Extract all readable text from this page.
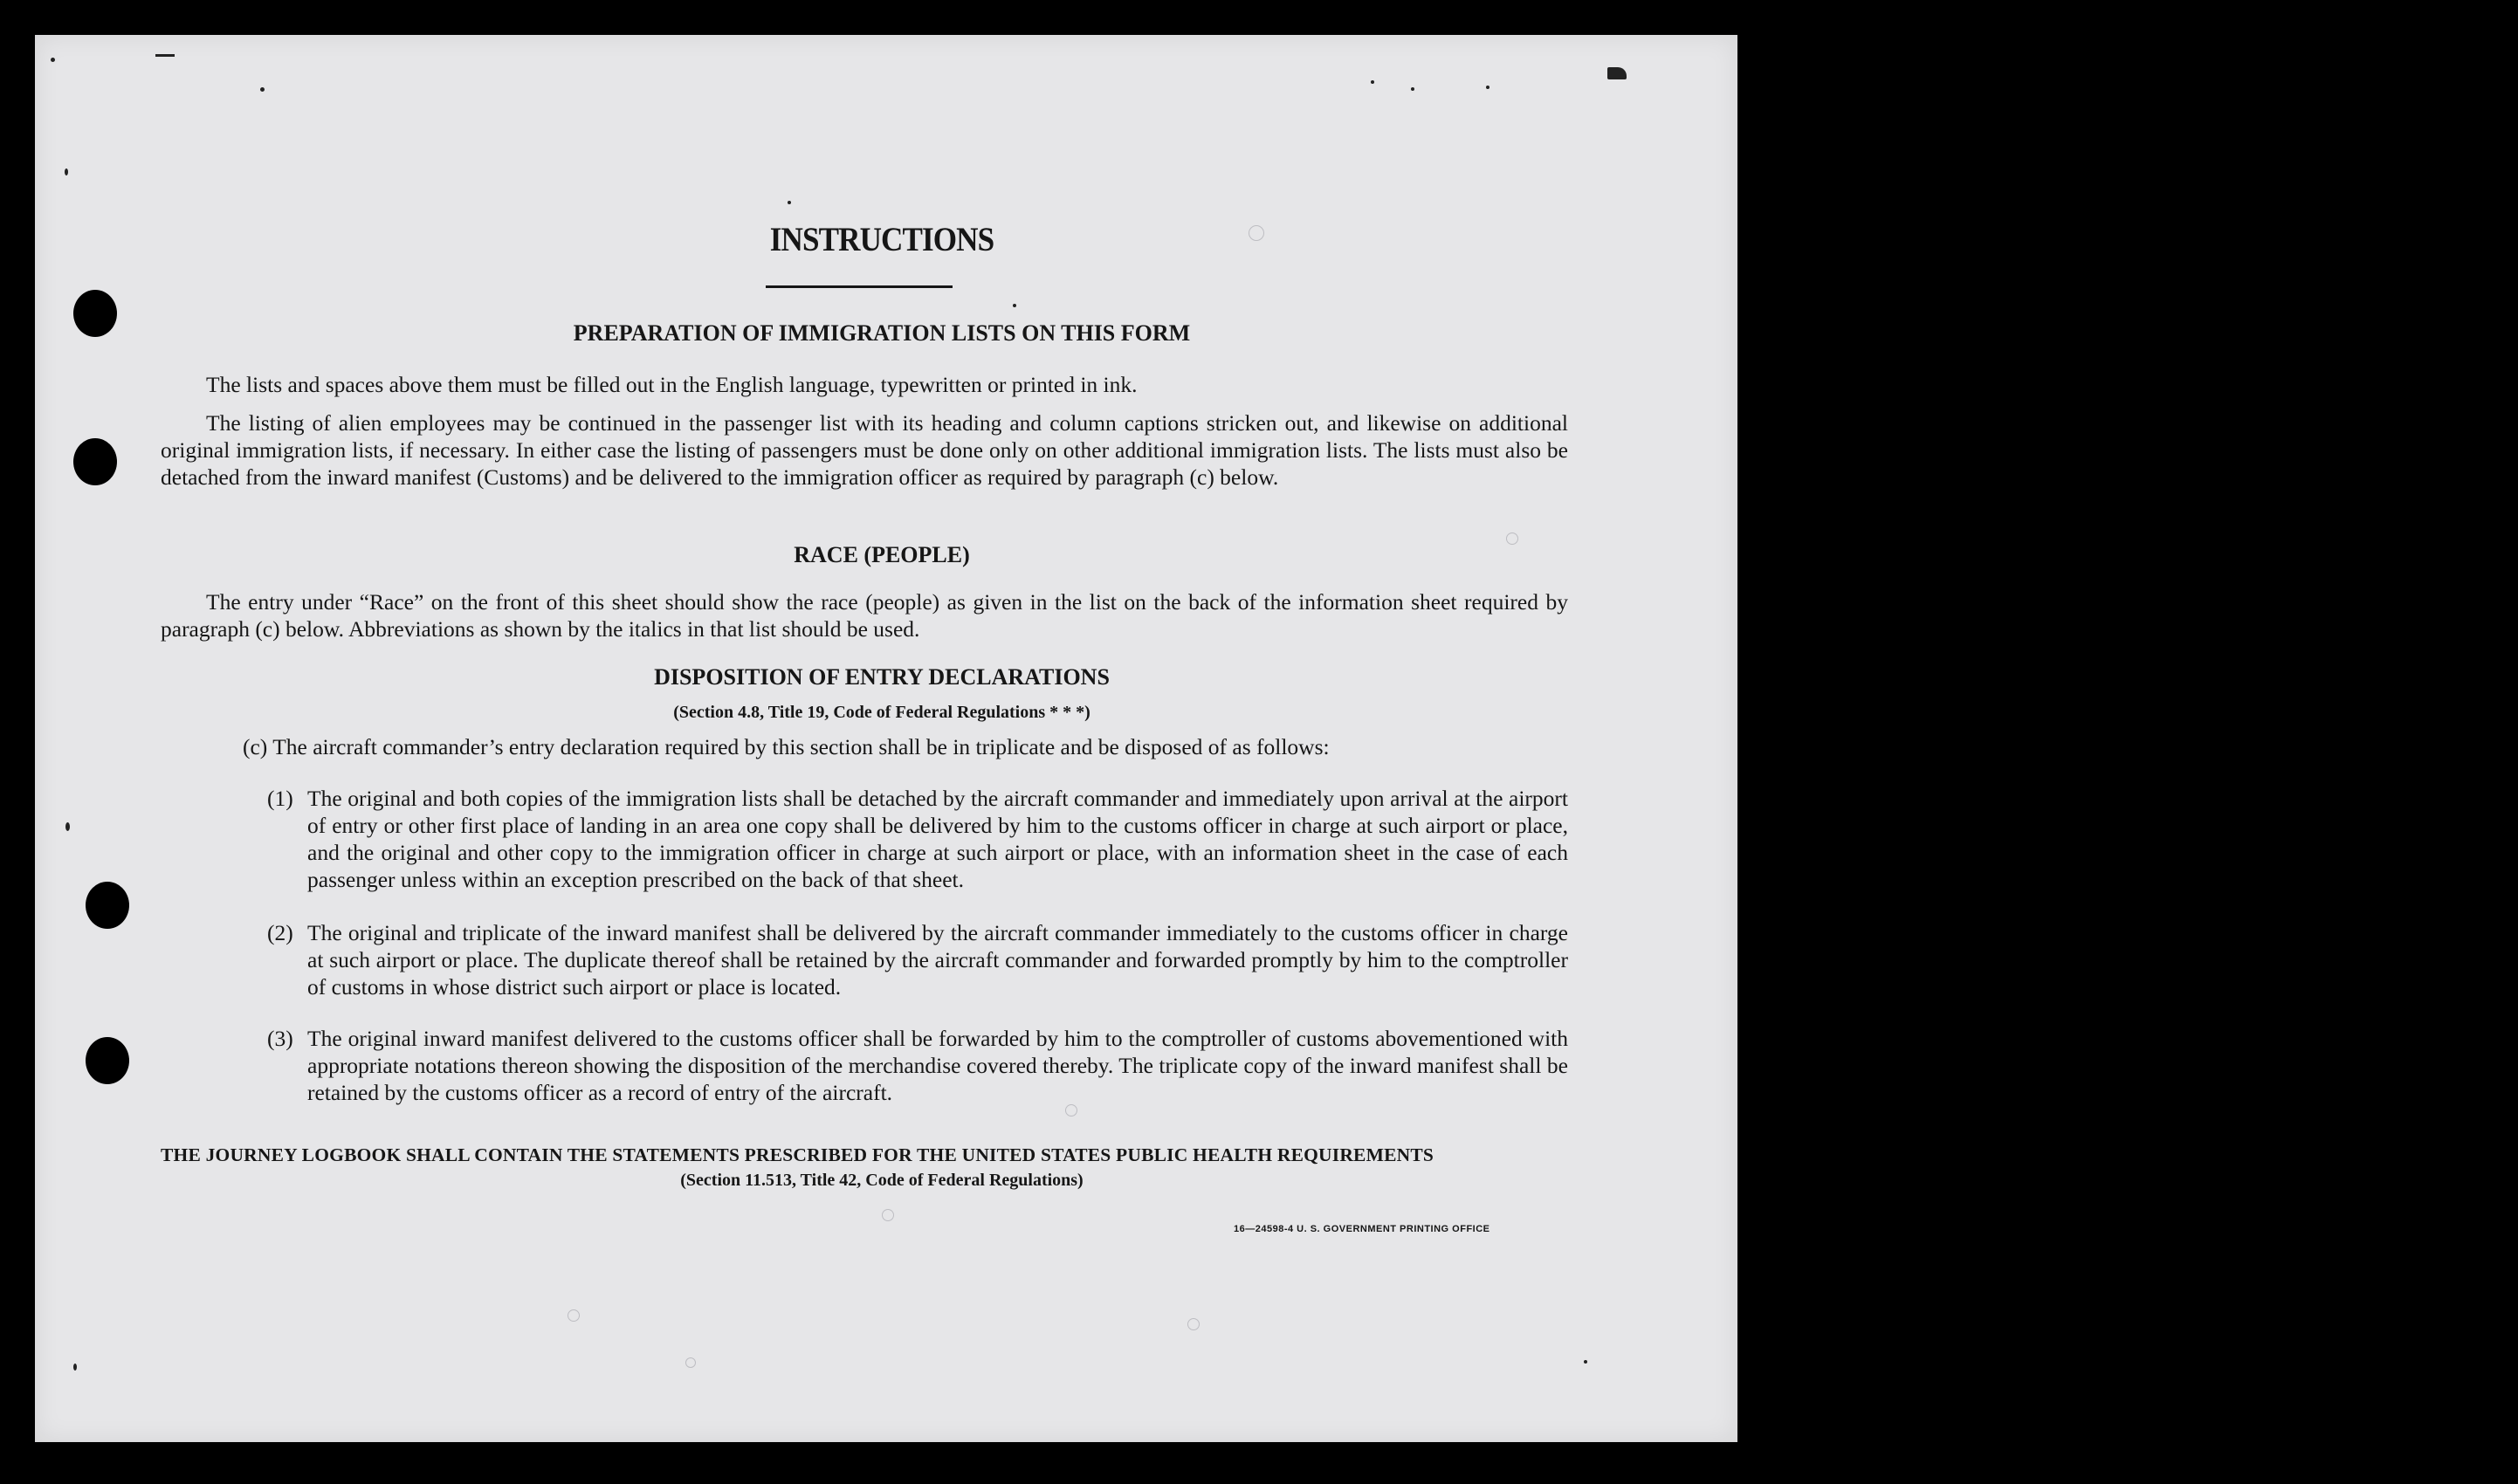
INSTRUCTIONS
PREPARATION OF IMMIGRATION LISTS ON THIS FORM

The lists and spaces above them must be filled out in the English language, typewritten or printed in ink.

The listing of alien employees may be continued in the passenger list with its heading and column captions stricken out, and likewise on additional original immigration lists, if necessary. In either case the listing of passengers must be done only on other additional immigration lists. The lists must also be detached from the inward manifest (Customs) and be delivered to the immigration officer as required by paragraph (c) below.

RACE (PEOPLE)

The entry under “Race” on the front of this sheet should show the race (people) as given in the list on the back of the information sheet required by paragraph (c) below. Abbreviations as shown by the italics in that list should be used.

DISPOSITION OF ENTRY DECLARATIONS
(Section 4.8, Title 19, Code of Federal Regulations * * *)

(c) The aircraft commander’s entry declaration required by this section shall be in triplicate and be disposed of as follows:

(1) The original and both copies of the immigration lists shall be detached by the aircraft commander and immediately upon arrival at the airport of entry or other first place of landing in an area one copy shall be delivered by him to the customs officer in charge at such airport or place, and the original and other copy to the immigration officer in charge at such airport or place, with an information sheet in the case of each passenger unless within an exception prescribed on the back of that sheet.
(2) The original and triplicate of the inward manifest shall be delivered by the aircraft commander immediately to the customs officer in charge at such airport or place. The duplicate thereof shall be retained by the aircraft commander and forwarded promptly by him to the comptroller of customs in whose district such airport or place is located.
(3) The original inward manifest delivered to the customs officer shall be forwarded by him to the comptroller of customs abovementioned with appropriate notations thereon showing the disposition of the merchandise covered thereby. The triplicate copy of the inward manifest shall be retained by the customs officer as a record of entry of the aircraft.
THE JOURNEY LOGBOOK SHALL CONTAIN THE STATEMENTS PRESCRIBED FOR THE UNITED STATES PUBLIC HEALTH REQUIREMENTS
(Section 11.513, Title 42, Code of Federal Regulations)
16—24598-4 U. S. GOVERNMENT PRINTING OFFICE
